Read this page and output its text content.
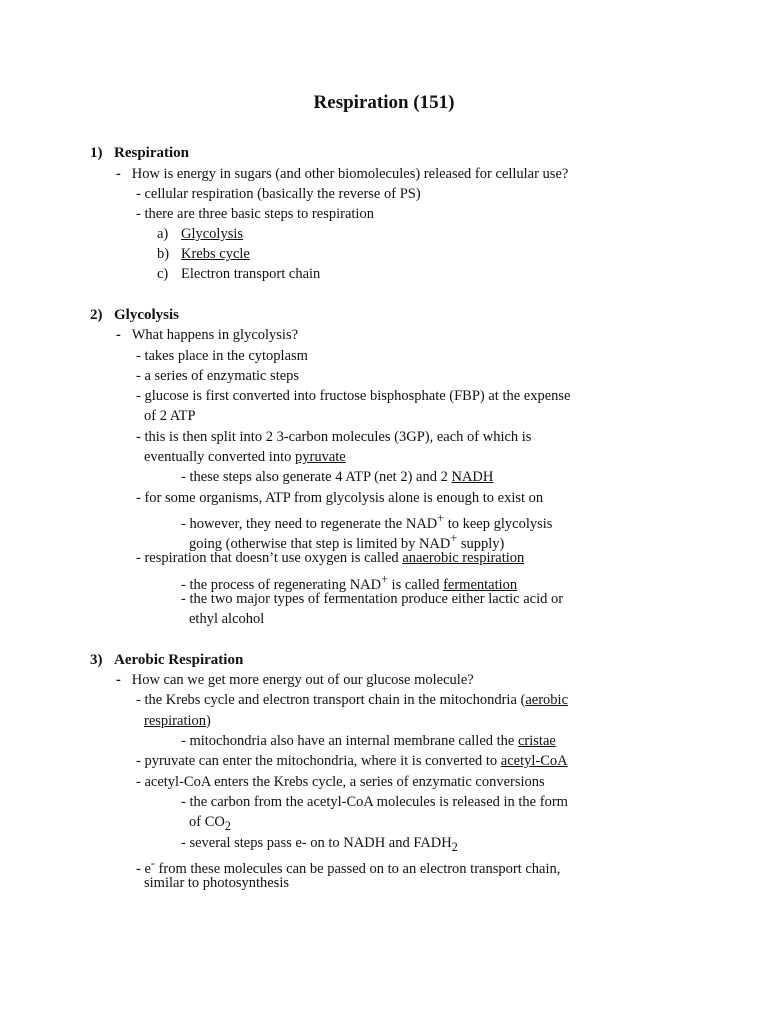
Respiration (151)
1) Respiration
- How is energy in sugars (and other biomolecules) released for cellular use?
- cellular respiration (basically the reverse of PS)
- there are three basic steps to respiration
a) Glycolysis
b) Krebs cycle
c) Electron transport chain
2) Glycolysis
- What happens in glycolysis?
- takes place in the cytoplasm
- a series of enzymatic steps
- glucose is first converted into fructose bisphosphate (FBP) at the expense
of 2 ATP
- this is then split into 2 3-carbon molecules (3GP), each of which is
eventually converted into pyruvate
- these steps also generate 4 ATP (net 2) and 2 NADH
- for some organisms, ATP from glycolysis alone is enough to exist on
- however, they need to regenerate the NAD+ to keep glycolysis
going (otherwise that step is limited by NAD+ supply)
- respiration that doesn’t use oxygen is called anaerobic respiration
- the process of regenerating NAD+ is called fermentation
- the two major types of fermentation produce either lactic acid or
ethyl alcohol
3) Aerobic Respiration
- How can we get more energy out of our glucose molecule?
- the Krebs cycle and electron transport chain in the mitochondria (aerobic
respiration)
- mitochondria also have an internal membrane called the cristae
- pyruvate can enter the mitochondria, where it is converted to acetyl-CoA
- acetyl-CoA enters the Krebs cycle, a series of enzymatic conversions
- the carbon from the acetyl-CoA molecules is released in the form
of $CO_2$
- several steps pass e- on to NADH and $FADH_2$
- e- from these molecules can be passed on to an electron transport chain,
similar to photosynthesis
